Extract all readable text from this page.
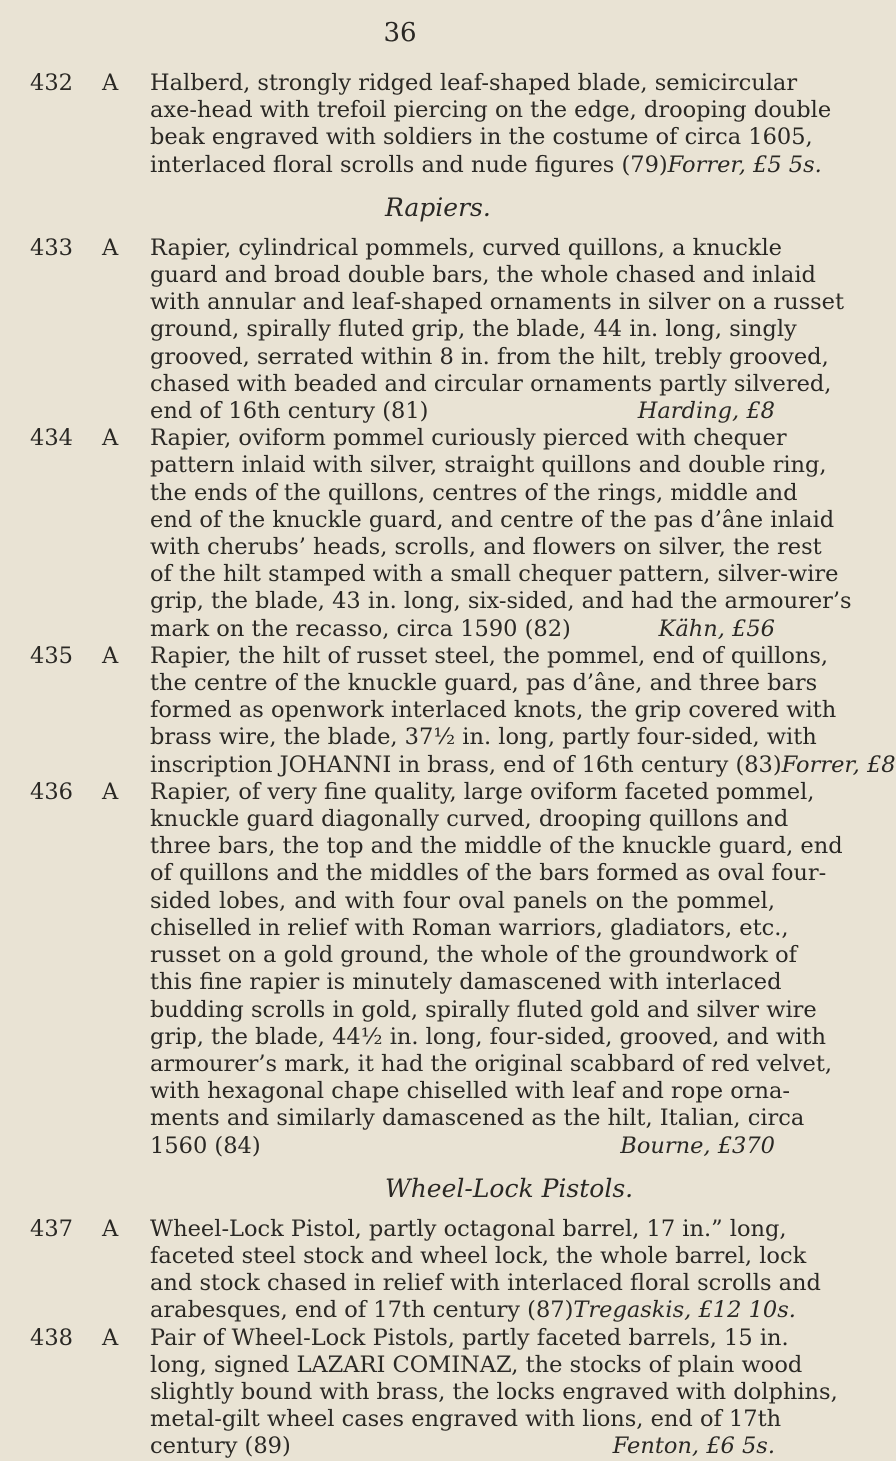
36
432	A Halberd, strongly ridged leaf-shaped blade, semicircular
axe-head with trefoil piercing on the edge, drooping double
beak engraved with soldiers in the costume of circa 1605,
interlaced floral scrolls and nude figures (79) Forrer, £5 5s.
Rapiers.
433	A Rapier, cylindrical pommels, curved quillons, a knuckle
guard and broad double bars, the whole chased and inlaid
with annular and leaf-shaped ornaments in silver on a russet
ground, spirally fluted grip, the blade, 44 in. long, singly
grooved, serrated within 8 in. from the hilt, trebly grooved,
chased with beaded and circular ornaments partly silvered,
end of 16th century (81)	Harding, £8
434	A Rapier, oviform pommel curiously pierced with chequer
pattern inlaid with silver, straight quillons and double ring,
the ends of the quillons, centres of the rings, middle and
end of the knuckle guard, and centre of the pas d’âne inlaid
with cherubs’ heads, scrolls, and flowers on silver, the rest
of the hilt stamped with a small chequer pattern, silver-wire
grip, the blade, 43 in. long, six-sided, and had the armourer’s
mark on the recasso, circa 1590 (82)	Kähn, £56
435	A Rapier, the hilt of russet steel, the pommel, end of quillons,
the centre of the knuckle guard, pas d’âne, and three bars
formed as openwork interlaced knots, the grip covered with
brass wire, the blade, 37½ in. long, partly four-sided, with
inscription JOHANNI in brass, end of 16th century (83) Forrer, £8
436	A Rapier, of very fine quality, large oviform faceted pommel,
knuckle guard diagonally curved, drooping quillons and
three bars, the top and the middle of the knuckle guard, end
of quillons and the middles of the bars formed as oval four-
sided lobes, and with four oval panels on the pommel,
chiselled in relief with Roman warriors, gladiators, etc.,
russet on a gold ground, the whole of the groundwork of
this fine rapier is minutely damascened with interlaced
budding scrolls in gold, spirally fluted gold and silver wire
grip, the blade, 44½ in. long, four-sided, grooved, and with
armourer’s mark, it had the original scabbard of red velvet,
with hexagonal chape chiselled with leaf and rope orna-
ments and similarly damascened as the hilt, Italian, circa
1560 (84)	Bourne, £370
Wheel-Lock Pistols.
437	A Wheel-Lock Pistol, partly octagonal barrel, 17 in.” long,
faceted steel stock and wheel lock, the whole barrel, lock
and stock chased in relief with interlaced floral scrolls and
arabesques, end of 17th century (87) Tregaskis, £12 10s.
438	A Pair of Wheel-Lock Pistols, partly faceted barrels, 15 in.
long, signed LAZARI COMINAZ, the stocks of plain wood
slightly bound with brass, the locks engraved with dolphins,
metal-gilt wheel cases engraved with lions, end of 17th
century (89)	Fenton, £6 5s.
